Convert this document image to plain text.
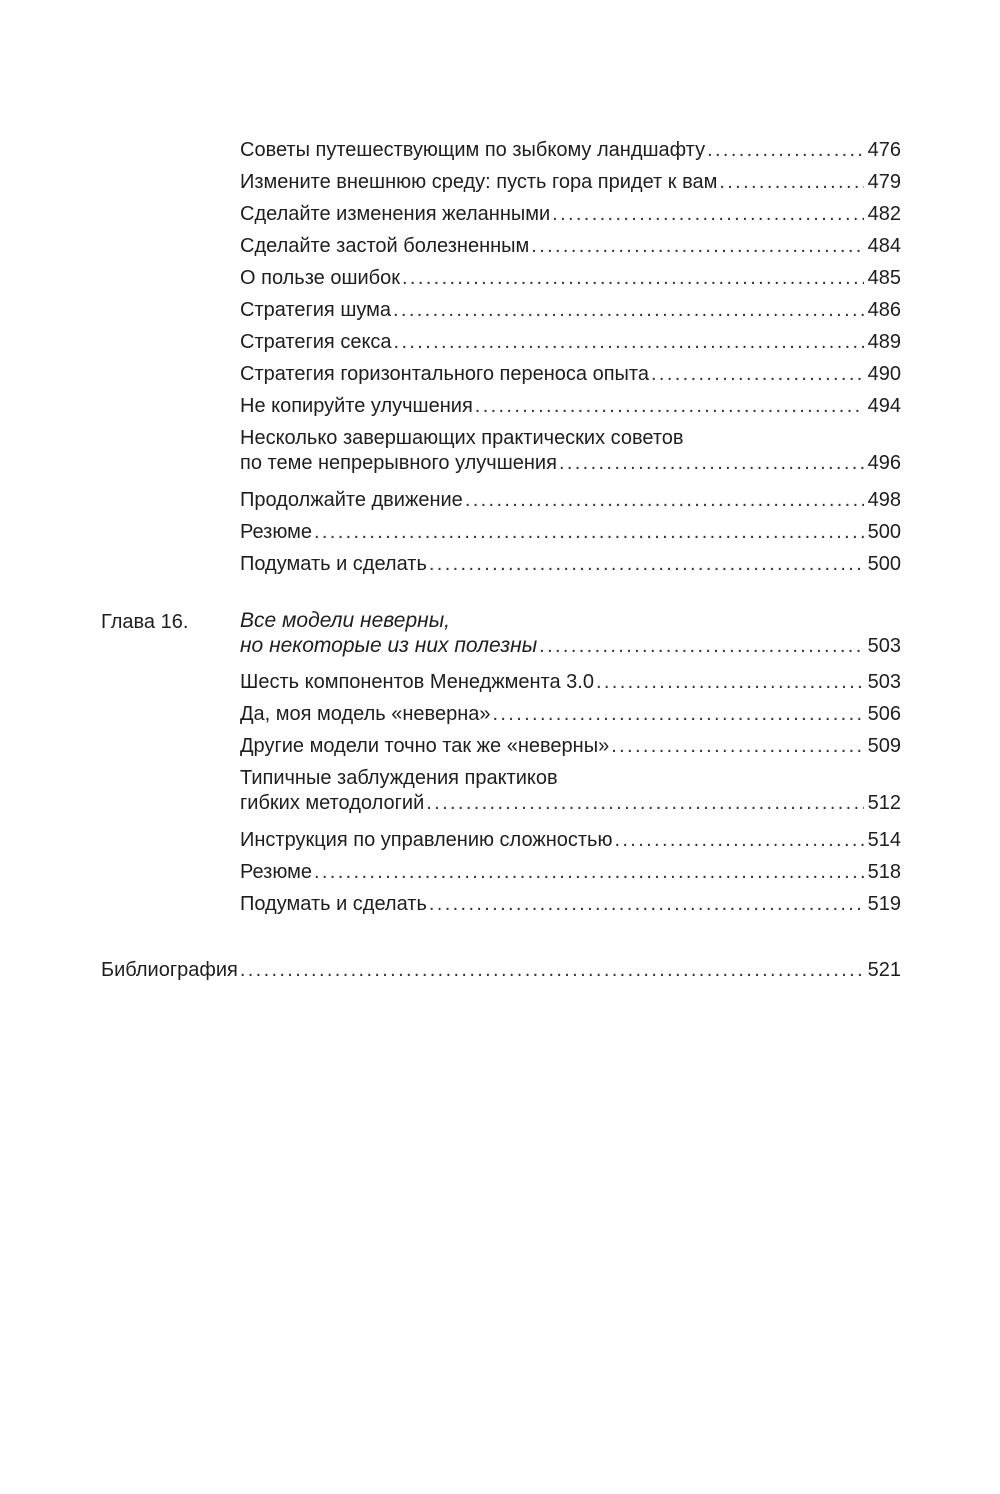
Советы путешествующим по зыбкому ландшафту . . .	476
Измените внешнюю среду: пусть гора придет к вам . . .	479
Сделайте изменения желанными . . .	482
Сделайте застой болезненным . . .	484
О пользе ошибок . . .	485
Стратегия шума . . .	486
Стратегия секса . . .	489
Стратегия горизонтального переноса опыта . . .	490
Не копируйте улучшения . . .	494
Несколько завершающих практических советов
по теме непрерывного улучшения . . .	496
Продолжайте движение . . .	498
Резюме . . .	500
Подумать и сделать . . .	500
Глава 16. Все модели неверны,
но некоторые из них полезны . . .	503
Шесть компонентов Менеджмента 3.0 . . .	503
Да, моя модель «неверна» . . .	506
Другие модели точно так же «неверны» . . .	509
Типичные заблуждения практиков
гибких методологий . . .	512
Инструкция по управлению сложностью . . .	514
Резюме . . .	518
Подумать и сделать . . .	519
Библиография . . .	521
